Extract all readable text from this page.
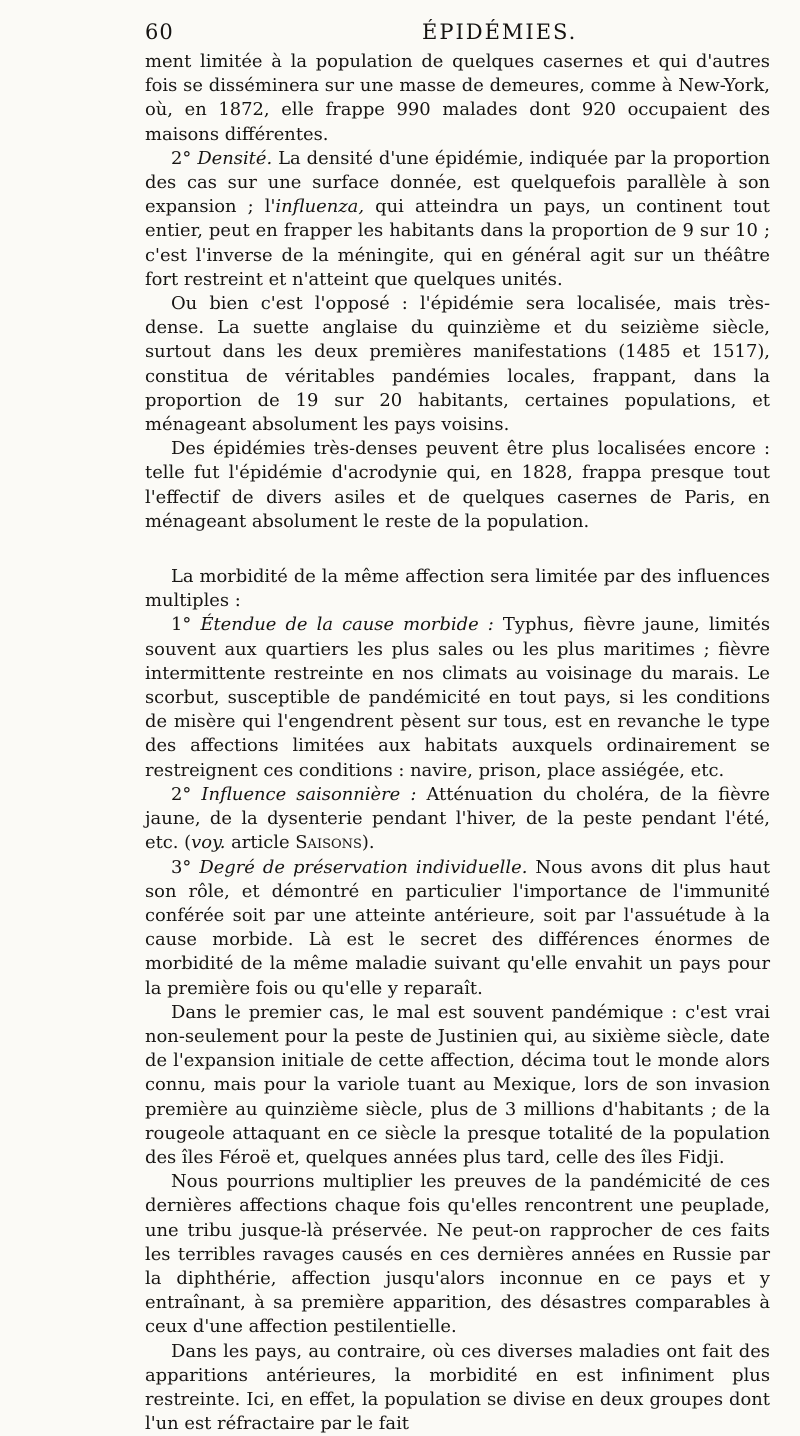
60	ÉPIDÉMIES.

ment limitée à la population de quelques casernes et qui d'autres fois se disséminera sur une masse de demeures, comme à New-York, où, en 1872, elle frappe 990 malades dont 920 occupaient des maisons différentes.

2° Densité. La densité d'une épidémie, indiquée par la proportion des cas sur une surface donnée, est quelquefois parallèle à son expansion ; l'influenza, qui atteindra un pays, un continent tout entier, peut en frapper les habitants dans la proportion de 9 sur 10 ; c'est l'inverse de la méningite, qui en général agit sur un théâtre fort restreint et n'atteint que quelques unités.

Ou bien c'est l'opposé : l'épidémie sera localisée, mais très-dense. La suette anglaise du quinzième et du seizième siècle, surtout dans les deux premières manifestations (1485 et 1517), constitua de véritables pandémies locales, frappant, dans la proportion de 19 sur 20 habitants, certaines populations, et ménageant absolument les pays voisins.

Des épidémies très-denses peuvent être plus localisées encore : telle fut l'épidémie d'acrodynie qui, en 1828, frappa presque tout l'effectif de divers asiles et de quelques casernes de Paris, en ménageant absolument le reste de la population.

La morbidité de la même affection sera limitée par des influences multiples :

1° Étendue de la cause morbide : Typhus, fièvre jaune, limités souvent aux quartiers les plus sales ou les plus maritimes ; fièvre intermittente restreinte en nos climats au voisinage du marais. Le scorbut, susceptible de pandémicité en tout pays, si les conditions de misère qui l'engendrent pèsent sur tous, est en revanche le type des affections limitées aux habitats auxquels ordinairement se restreignent ces conditions : navire, prison, place assiégée, etc.

2° Influence saisonnière : Atténuation du choléra, de la fièvre jaune, de la dysenterie pendant l'hiver, de la peste pendant l'été, etc. (voy. article Saisons).

3° Degré de préservation individuelle. Nous avons dit plus haut son rôle, et démontré en particulier l'importance de l'immunité conférée soit par une atteinte antérieure, soit par l'assuétude à la cause morbide. Là est le secret des différences énormes de morbidité de la même maladie suivant qu'elle envahit un pays pour la première fois ou qu'elle y reparaît.

Dans le premier cas, le mal est souvent pandémique : c'est vrai non-seulement pour la peste de Justinien qui, au sixième siècle, date de l'expansion initiale de cette affection, décima tout le monde alors connu, mais pour la variole tuant au Mexique, lors de son invasion première au quinzième siècle, plus de 3 millions d'habitants ; de la rougeole attaquant en ce siècle la presque totalité de la population des îles Féroë et, quelques années plus tard, celle des îles Fidji.

Nous pourrions multiplier les preuves de la pandémicité de ces dernières affections chaque fois qu'elles rencontrent une peuplade, une tribu jusque-là préservée. Ne peut-on rapprocher de ces faits les terribles ravages causés en ces dernières années en Russie par la diphthérie, affection jusqu'alors inconnue en ce pays et y entraînant, à sa première apparition, des désastres comparables à ceux d'une affection pestilentielle.

Dans les pays, au contraire, où ces diverses maladies ont fait des apparitions antérieures, la morbidité en est infiniment plus restreinte. Ici, en effet, la population se divise en deux groupes dont l'un est réfractaire par le fait
